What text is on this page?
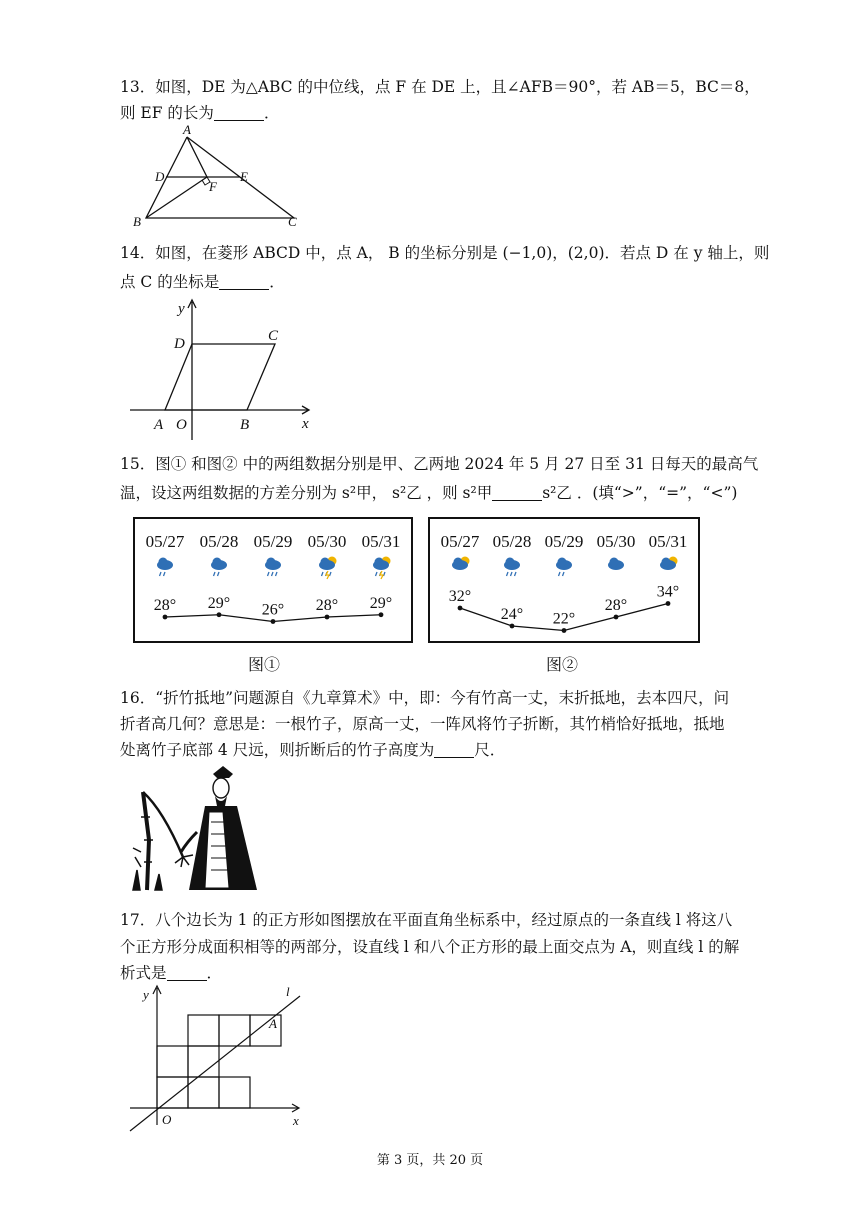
13．如图，DE 为△ABC 的中位线，点 F 在 DE 上，且∠AFB＝90°，若 AB＝5，BC＝8，
则 EF 的长为	．
A
D	E
F
B	C
14．如图，在菱形 ABCD 中，点 A， B 的坐标分别是 (−1,0)，(2,0)．若点 D 在 y 轴上，则
点 C 的坐标是	．
y
x
A O	B
C
D
15．图① 和图② 中的两组数据分别是甲、乙两地 2024 年 5 月 27 日至 31 日每天的最高气
温，设这两组数据的方差分别为 s²甲， s²乙 ，则 s²甲	s²乙 ．(填“>”，“=”，“<”)
05/27 05/28 05/29 05/30 05/31
28° 29° 26° 28° 29°
05/27 05/28 05/29 05/30 05/31
32°
24° 22°
28°
34°
图①	图②
16．“折竹抵地”问题源自《九章算术》中，即：今有竹高一丈，末折抵地，去本四尺，问
折者高几何？意思是：一根竹子，原高一丈，一阵风将竹子折断，其竹梢恰好抵地，抵地
处离竹子底部 4 尺远，则折断后的竹子高度为	尺．
17．八个边长为 1 的正方形如图摆放在平面直角坐标系中，经过原点的一条直线 l 将这八
个正方形分成面积相等的两部分，设直线 l 和八个正方形的最上面交点为 A，则直线 l 的解
析式是	．
y
x
O
A
l
第 3 页，共 20 页
